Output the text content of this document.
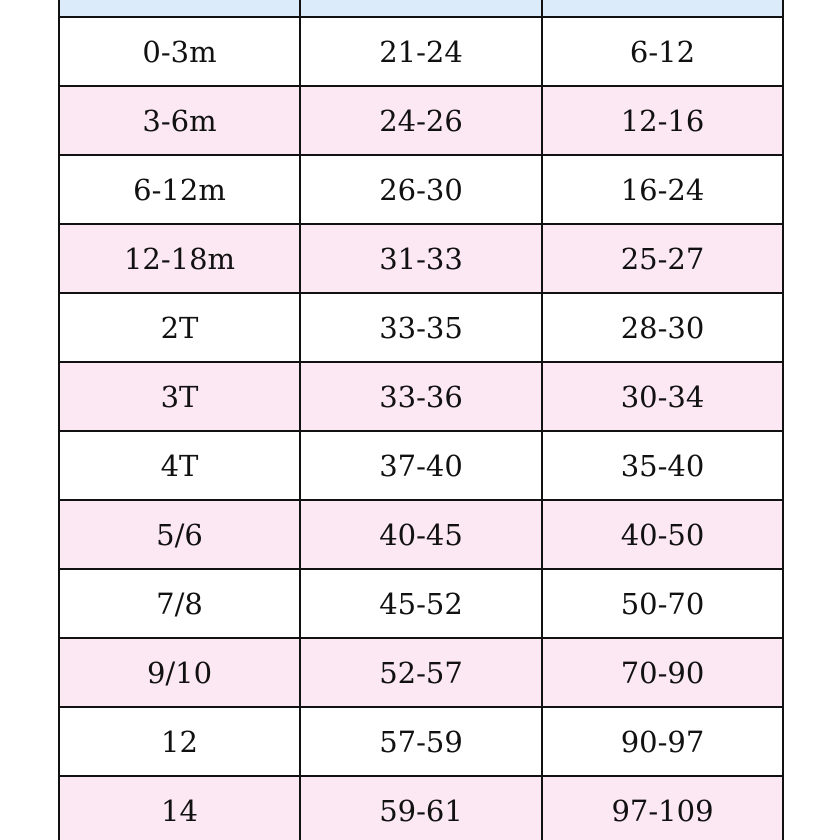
0-3m	21-24	6-12
3-6m	24-26	12-16
6-12m	26-30	16-24
12-18m	31-33	25-27
2T	33-35	28-30
3T	33-36	30-34
4T	37-40	35-40
5/6	40-45	40-50
7/8	45-52	50-70
9/10	52-57	70-90
12	57-59	90-97
14	59-61	97-109
